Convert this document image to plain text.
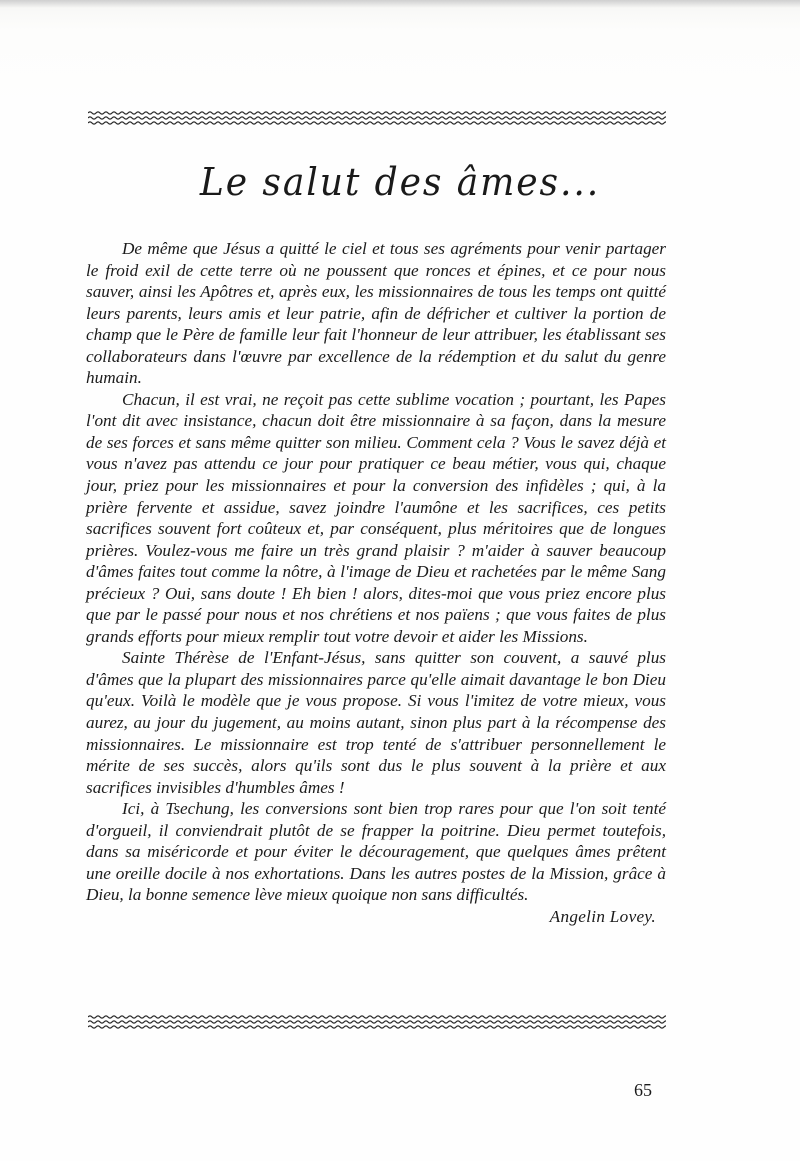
Le salut des âmes...

De même que Jésus a quitté le ciel et tous ses agréments pour venir partager le froid exil de cette terre où ne poussent que ronces et épines, et ce pour nous sauver, ainsi les Apôtres et, après eux, les missionnaires de tous les temps ont quitté leurs parents, leurs amis et leur patrie, afin de défricher et cultiver la portion de champ que le Père de famille leur fait l'honneur de leur attribuer, les établissant ses collaborateurs dans l'œuvre par excellence de la rédemption et du salut du genre humain.

Chacun, il est vrai, ne reçoit pas cette sublime vocation ; pourtant, les Papes l'ont dit avec insistance, chacun doit être missionnaire à sa façon, dans la mesure de ses forces et sans même quitter son milieu. Comment cela ? Vous le savez déjà et vous n'avez pas attendu ce jour pour pratiquer ce beau métier, vous qui, chaque jour, priez pour les missionnaires et pour la conversion des infidèles ; qui, à la prière fervente et assidue, savez joindre l'aumône et les sacrifices, ces petits sacrifices souvent fort coûteux et, par conséquent, plus méritoires que de longues prières. Voulez-vous me faire un très grand plaisir ? m'aider à sauver beaucoup d'âmes faites tout comme la nôtre, à l'image de Dieu et rachetées par le même Sang précieux ? Oui, sans doute ! Eh bien ! alors, dites-moi que vous priez encore plus que par le passé pour nous et nos chrétiens et nos païens ; que vous faites de plus grands efforts pour mieux remplir tout votre devoir et aider les Missions.

Sainte Thérèse de l'Enfant-Jésus, sans quitter son couvent, a sauvé plus d'âmes que la plupart des missionnaires parce qu'elle aimait davantage le bon Dieu qu'eux. Voilà le modèle que je vous propose. Si vous l'imitez de votre mieux, vous aurez, au jour du jugement, au moins autant, sinon plus part à la récompense des missionnaires. Le missionnaire est trop tenté de s'attribuer personnellement le mérite de ses succès, alors qu'ils sont dus le plus souvent à la prière et aux sacrifices invisibles d'humbles âmes !

Ici, à Tsechung, les conversions sont bien trop rares pour que l'on soit tenté d'orgueil, il conviendrait plutôt de se frapper la poitrine. Dieu permet toutefois, dans sa miséricorde et pour éviter le découragement, que quelques âmes prêtent une oreille docile à nos exhortations. Dans les autres postes de la Mission, grâce à Dieu, la bonne semence lève mieux quoique non sans difficultés.
Angelin Lovey.

65
